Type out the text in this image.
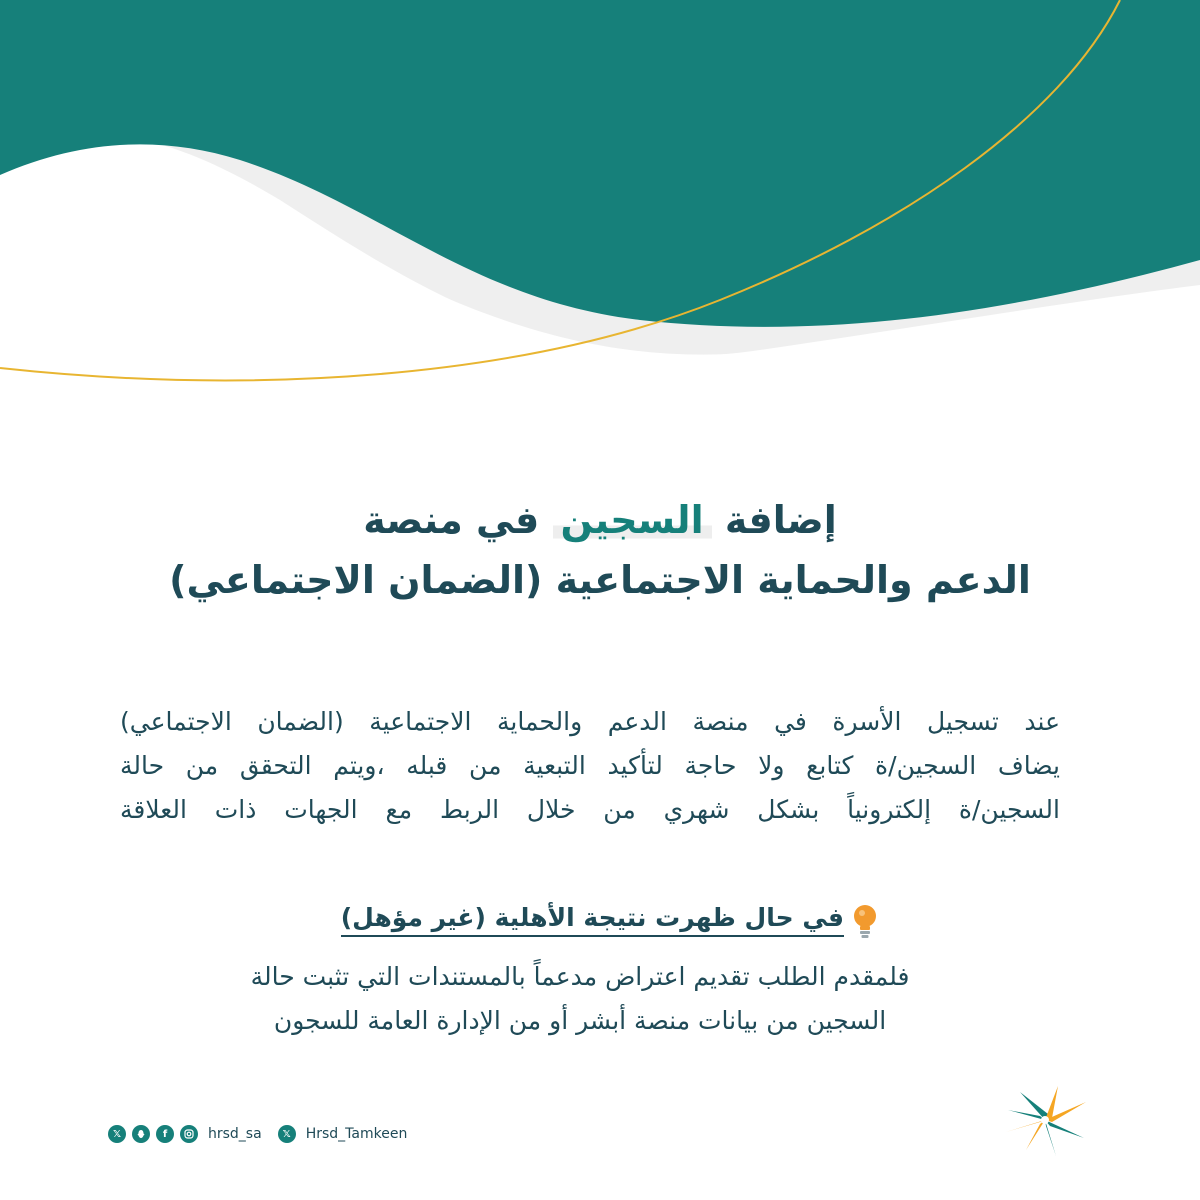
إضافة السجين في منصة
الدعم والحماية الاجتماعية (الضمان الاجتماعي)
عند تسجيل الأسرة في منصة الدعم والحماية الاجتماعية (الضمان الاجتماعي)
يضاف السجين/ة كتابع ولا حاجة لتأكيد التبعية من قبله ،ويتم التحقق من حالة
السجين/ة إلكترونياً بشكل شهري من خلال الربط مع الجهات ذات العلاقة
في حال ظهرت نتيجة الأهلية (غير مؤهل)
فلمقدم الطلب تقديم اعتراض مدعماً بالمستندات التي تثبت حالة
السجين من بيانات منصة أبشر أو من الإدارة العامة للسجون
𝕏	f	hrsd_sa	𝕏	Hrsd_Tamkeen
